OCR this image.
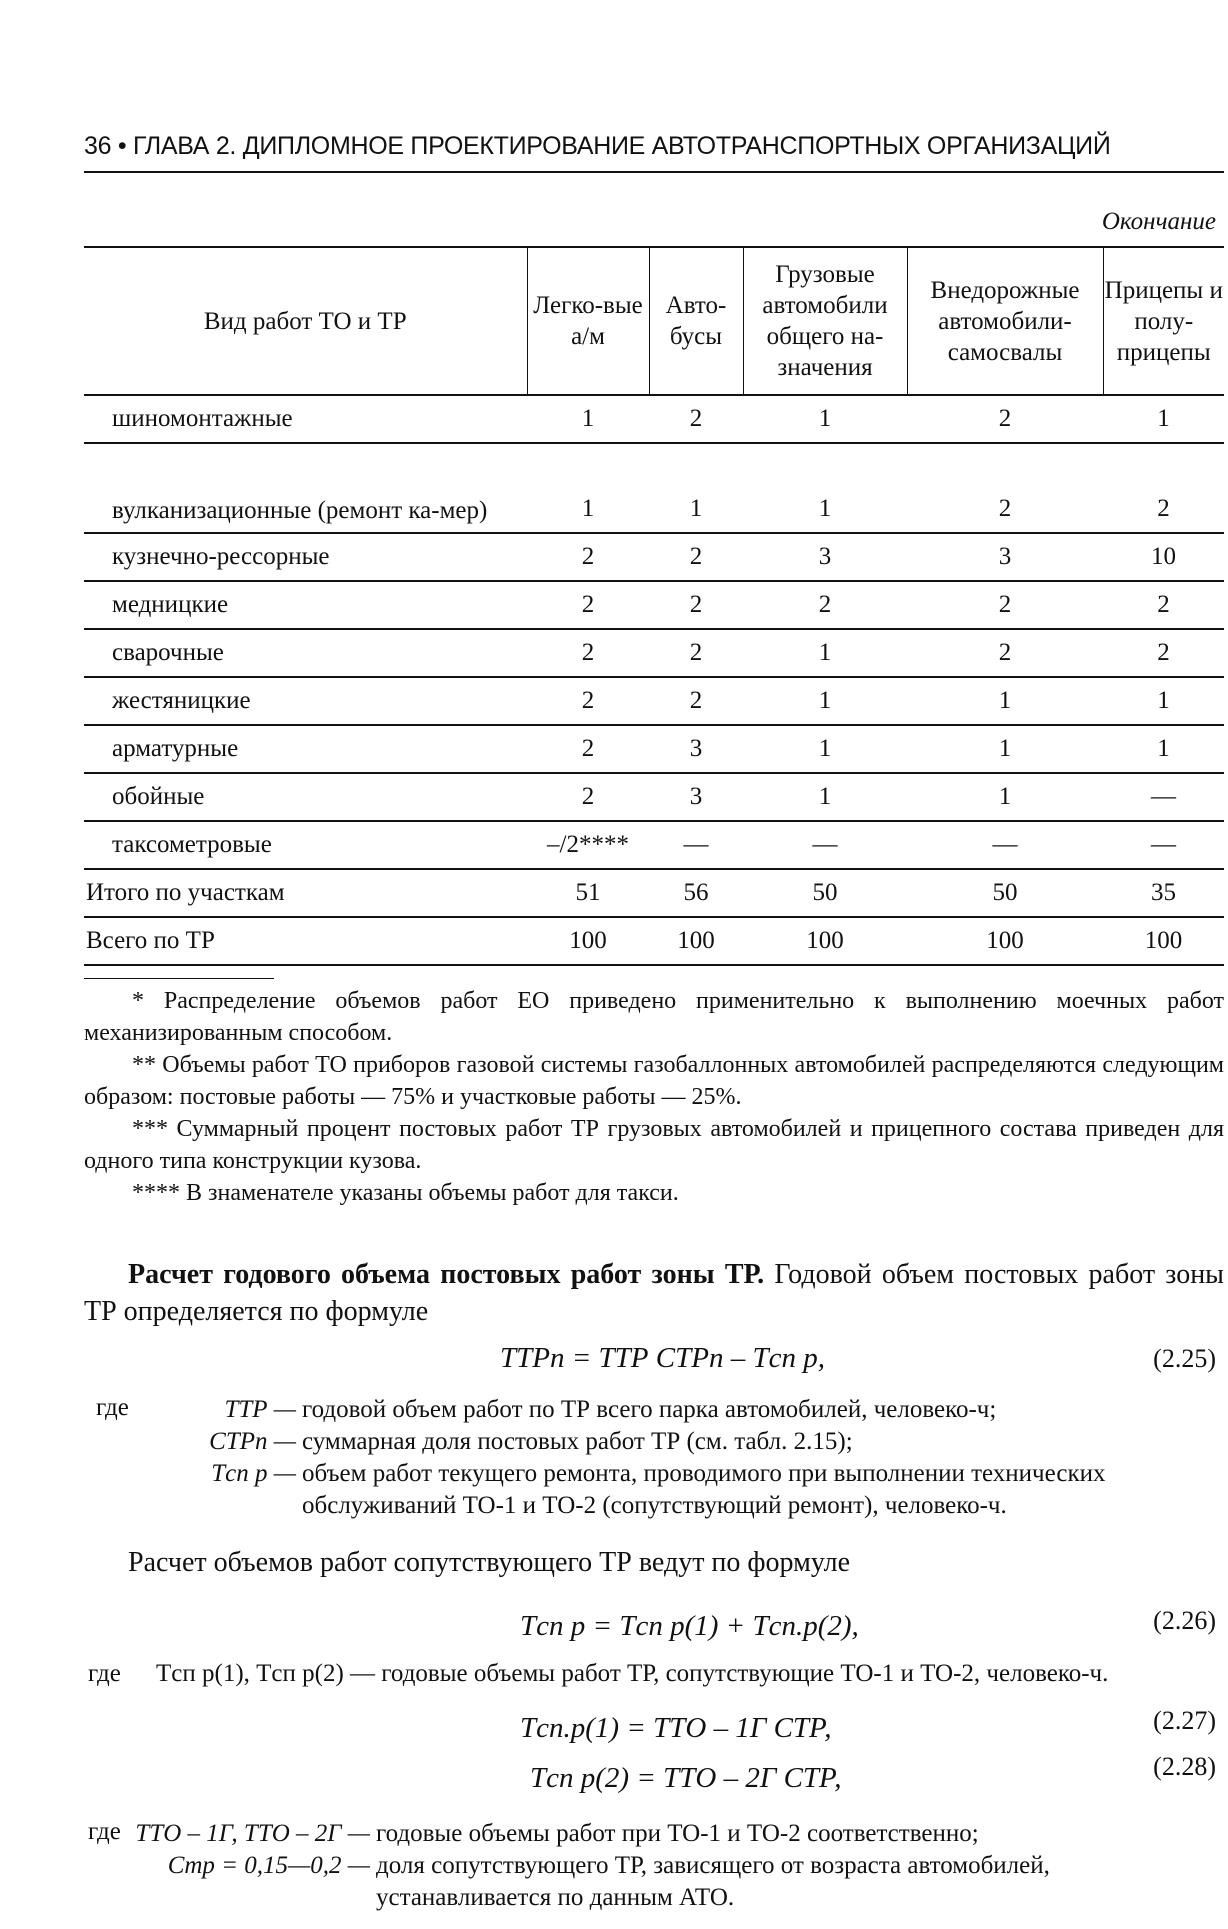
36 • ГЛАВА 2. ДИПЛОМНОЕ ПРОЕКТИРОВАНИЕ АВТОТРАНСПОРТНЫХ ОРГАНИЗАЦИЙ
Окончание
Вид работ ТО и ТР	Легко-вые а/м	Авто-бусы	Грузовые автомобили общего на-значения	Внедорожные автомобили-самосвалы	Прицепы и полу-прицепы
шиномонтажные	1	2	1	2	1
вулканизационные (ремонт ка-мер)	1	1	1	2	2
кузнечно-рессорные	2	2	3	3	10
медницкие	2	2	2	2	2
сварочные	2	2	1	2	2
жестяницкие	2	2	1	1	1
арматурные	2	3	1	1	1
обойные	2	3	1	1	—
таксометровые	–/2****	—	—	—	—
Итого по участкам	51	56	50	50	35
Всего по ТР	100	100	100	100	100

* Распределение объемов работ ЕО приведено применительно к выполнению моечных работ механизированным способом.

** Объемы работ ТО приборов газовой системы газобаллонных автомобилей распределяются следующим образом: постовые работы — 75% и участковые работы — 25%.

*** Суммарный процент постовых работ ТР грузовых автомобилей и прицепного состава приведен для одного типа конструкции кузова.

**** В знаменателе указаны объемы работ для такси.

Расчет годового объема постовых работ зоны ТР. Годовой объем постовых работ зоны ТР определяется по формуле

TТРп = TТР CТРп – Tсп р,	(2.25)
где	TТР — годовой объем работ по ТР всего парка автомобилей, человеко-ч;
CТРп — суммарная доля постовых работ ТР (см. табл. 2.15);
Tсп р — объем работ текущего ремонта, проводимого при выполнении технических обслуживаний ТО-1 и ТО-2 (сопутствующий ремонт), человеко-ч.

Расчет объемов работ сопутствующего ТР ведут по формуле

Tсп р = Tсп р(1) + Tсп.р(2),	(2.26)
где Tсп р(1), Tсп р(2) — годовые объемы работ ТР, сопутствующие ТО-1 и ТО-2, человеко-ч.
Tсп.р(1) = TТО – 1Г CТР,	(2.27)
Tсп р(2) = TТО – 2Г CТР,	(2.28)
где TТО – 1Г, TТО – 2Г — годовые объемы работ при ТО-1 и ТО-2 соответственно;
Cтр = 0,15—0,2 — доля сопутствующего ТР, зависящего от возраста автомобилей, устанавливается по данным АТО.
